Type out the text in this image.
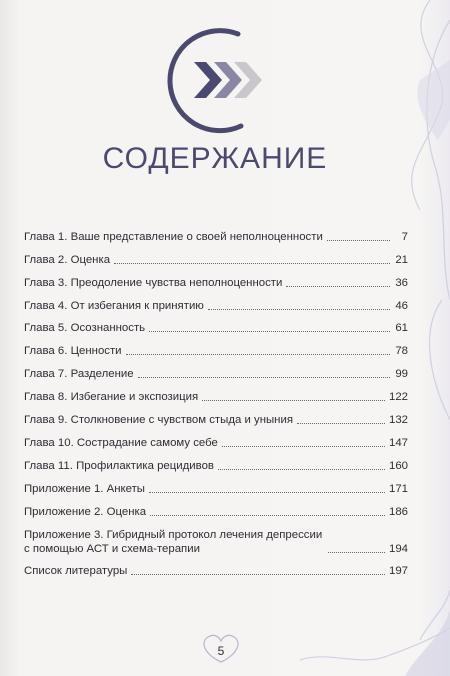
СОДЕРЖАНИЕ
Глава 1. Ваше представление о своей неполноценности	7
Глава 2. Оценка	21
Глава 3. Преодоление чувства неполноценности	36
Глава 4. От избегания к принятию	46
Глава 5. Осознанность	61
Глава 6. Ценности	78
Глава 7. Разделение	99
Глава 8. Избегание и экспозиция	122
Глава 9. Столкновение с чувством стыда и уныния	132
Глава 10. Сострадание самому себе	147
Глава 11. Профилактика рецидивов	160
Приложение 1. Анкеты	171
Приложение 2. Оценка	186
Приложение 3. Гибридный протокол лечения депрессии с помощью АСТ и схема-терапии	194
Список литературы	197
5
